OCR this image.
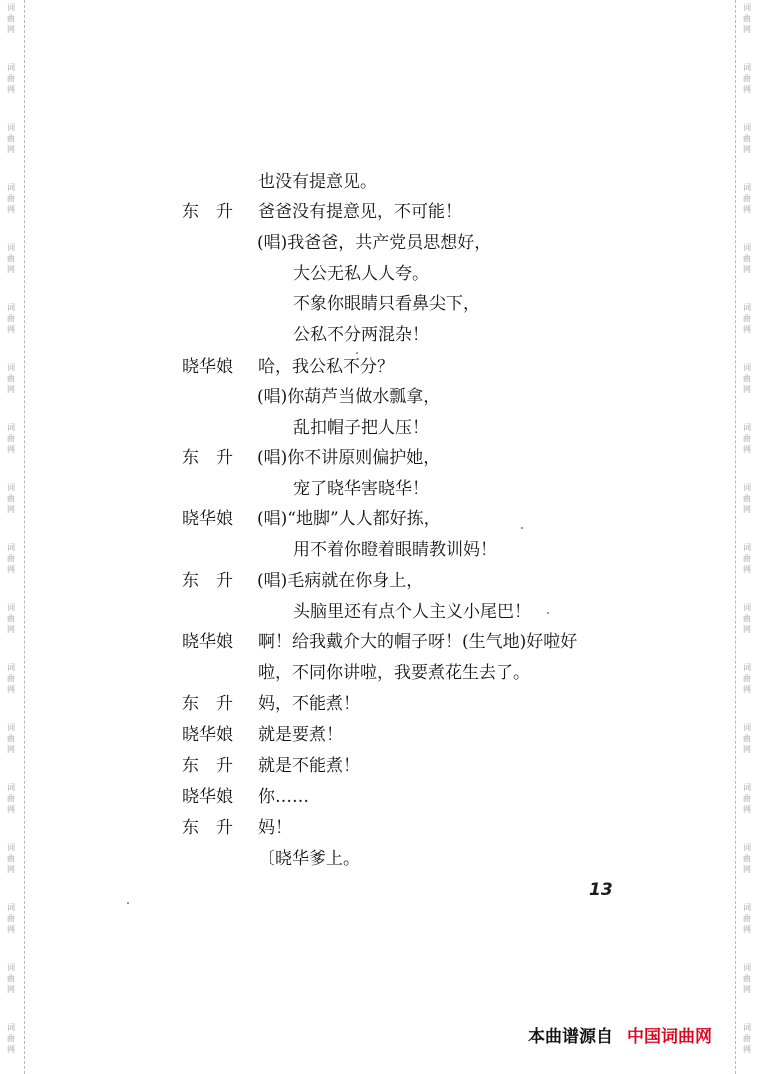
词
曲
网
词
曲
网
词
曲
网
词
曲
网
词
曲
网
词
曲
网
词
曲
网
词
曲
网
词
曲
网
词
曲
网
词
曲
网
词
曲
网
词
曲
网
词
曲
网
词
曲
网
词
曲
网
词
曲
网
词
曲
网
词
曲
网
词
曲
网
词
曲
网
词
曲
网
词
曲
网
词
曲
网
词
曲
网
词
曲
网
词
曲
网
词
曲
网
词
曲
网
词
曲
网
词
曲
网
词
曲
网
词
曲
网
词
曲
网
词
曲
网
词
曲
网
也没有提意见。
东　升	爸爸没有提意见，不可能！
(唱)我爸爸，共产党员思想好，
大公无私人人夸。
不象你眼睛只看鼻尖下，
公私不分两混杂！
晓华娘	哈，我公私不分？
(唱)你葫芦当做水瓢拿，
乱扣帽子把人压！
东　升	(唱)你不讲原则偏护她，
宠了晓华害晓华！
晓华娘	(唱)“地脚”人人都好拣，
用不着你瞪着眼睛教训妈！
东　升	(唱)毛病就在你身上，
头脑里还有点个人主义小尾巴！
晓华娘	啊！给我戴介大的帽子呀！(生气地)好啦好
啦，不同你讲啦，我要煮花生去了。
东　升	妈，不能煮！
晓华娘	就是要煮！
东　升	就是不能煮！
晓华娘	你……
东　升	妈！
〔晓华爹上。
13
本曲谱源自 中国词曲网
